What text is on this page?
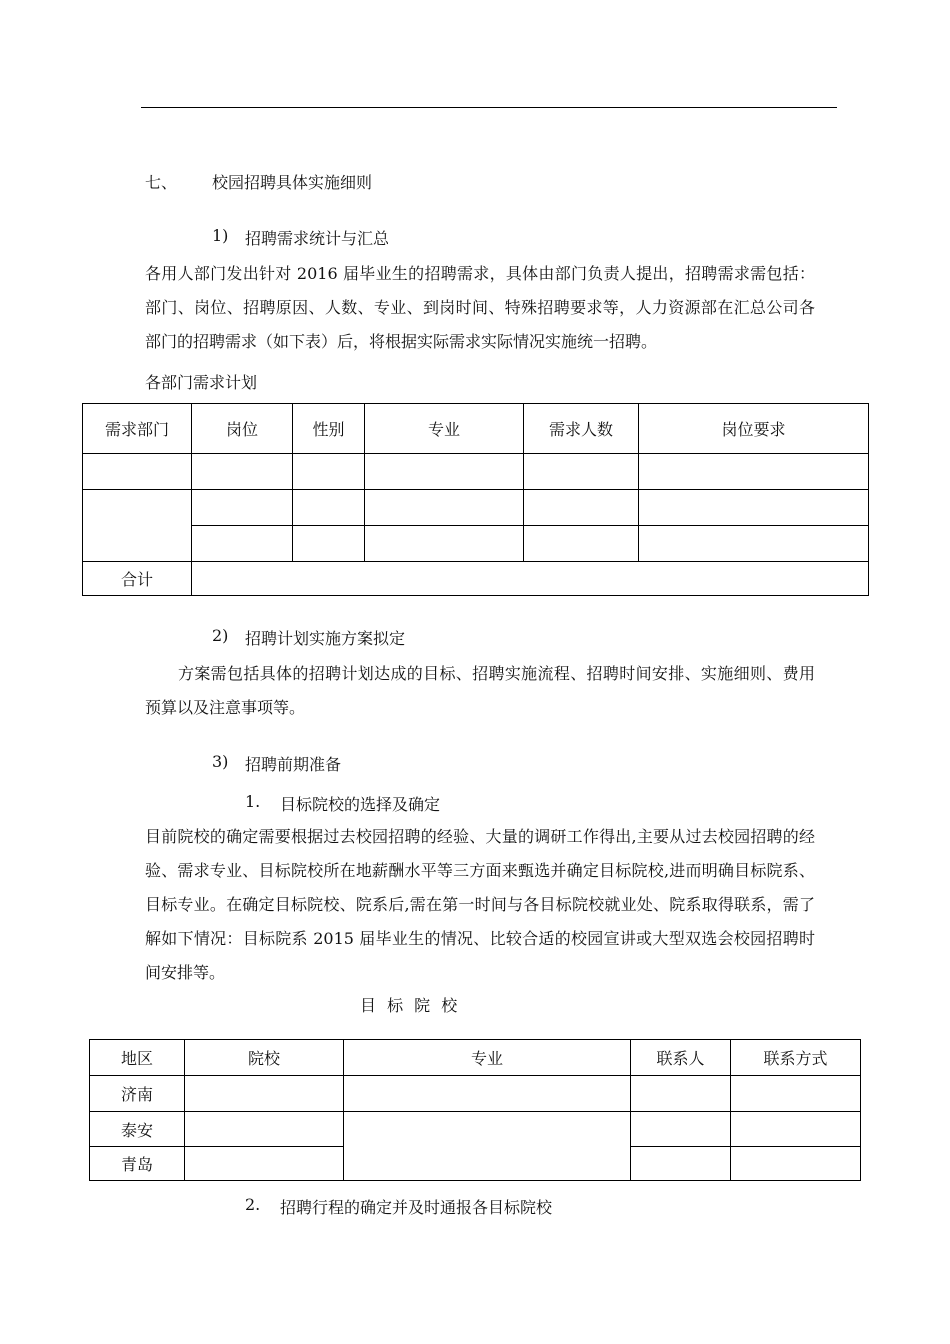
七、 校园招聘具体实施细则
1) 招聘需求统计与汇总
各用人部门发出针对 2016 届毕业生的招聘需求，具体由部门负责人提出，招聘需求需包括：部门、岗位、招聘原因、人数、专业、到岗时间、特殊招聘要求等，人力资源部在汇总公司各部门的招聘需求（如下表）后，将根据实际需求实际情况实施统一招聘。
各部门需求计划
需求部门	岗位	性别	专业	需求人数	岗位要求

合计					
2) 招聘计划实施方案拟定
方案需包括具体的招聘计划达成的目标、招聘实施流程、招聘时间安排、实施细则、费用预算以及注意事项等。
3) 招聘前期准备
1. 目标院校的选择及确定
目前院校的确定需要根据过去校园招聘的经验、大量的调研工作得出,主要从过去校园招聘的经验、需求专业、目标院校所在地薪酬水平等三方面来甄选并确定目标院校,进而明确目标院系、目标专业。在确定目标院校、院系后,需在第一时间与各目标院校就业处、院系取得联系，需了解如下情况：目标院系 2015 届毕业生的情况、比较合适的校园宣讲或大型双选会校园招聘时间安排等。
目 标 院 校
地区	院校	专业	联系人	联系方式
济南				
泰安				
青岛				
2. 招聘行程的确定并及时通报各目标院校
